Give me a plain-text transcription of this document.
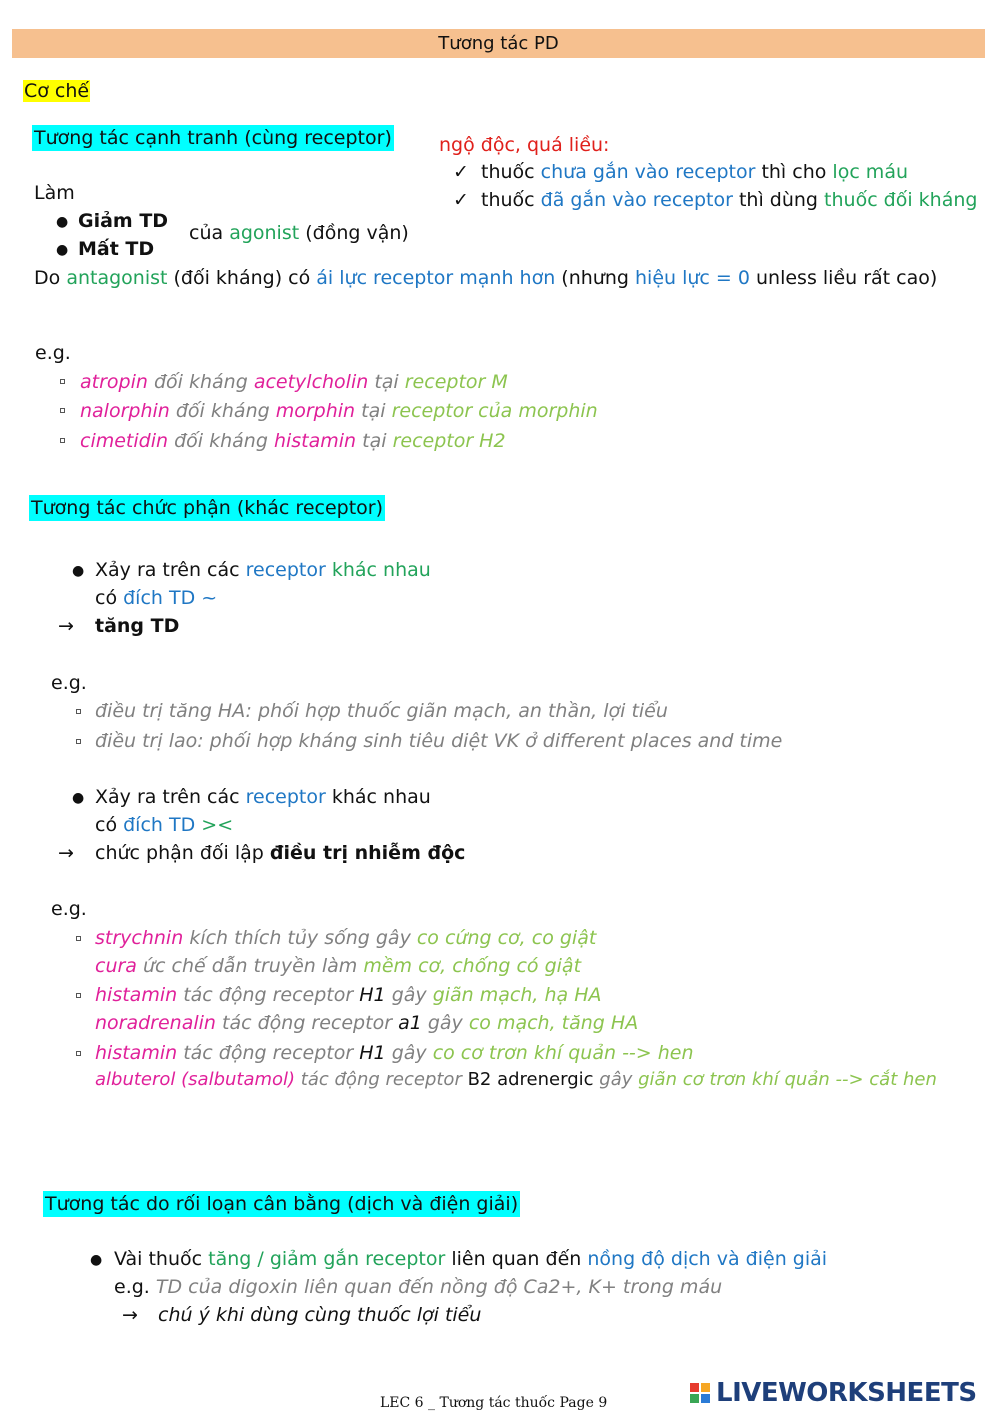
Tương tác PD
Cơ chế
Tương tác cạnh tranh (cùng receptor) ngộ độc, quá liều:
✓ thuốc chưa gắn vào receptor thì cho lọc máu
✓ thuốc đã gắn vào receptor thì dùng thuốc đối kháng
Làm
● Giảm TD
● Mất TD
của agonist (đồng vận)
Do antagonist (đối kháng) có ái lực receptor mạnh hơn (nhưng hiệu lực = 0 unless liều rất cao)
e.g.
atropin đối kháng acetylcholin tại receptor M
nalorphin đối kháng morphin tại receptor của morphin
cimetidin đối kháng histamin tại receptor H2
Tương tác chức phận (khác receptor)
● Xảy ra trên các receptor khác nhau
có đích TD ~
→ tăng TD
e.g.
điều trị tăng HA: phối hợp thuốc giãn mạch, an thần, lợi tiểu
điều trị lao: phối hợp kháng sinh tiêu diệt VK ở different places and time
● Xảy ra trên các receptor khác nhau
có đích TD ><
→ chức phận đối lập điều trị nhiễm độc
e.g.
strychnin kích thích tủy sống gây co cứng cơ, co giật
cura ức chế dẫn truyền làm mềm cơ, chống có giật
histamin tác động receptor H1 gây giãn mạch, hạ HA
noradrenalin tác động receptor a1 gây co mạch, tăng HA
histamin tác động receptor H1 gây co cơ trơn khí quản --> hen
albuterol (salbutamol) tác động receptor B2 adrenergic gây giãn cơ trơn khí quản --> cắt hen
Tương tác do rối loạn cân bằng (dịch và điện giải)
● Vài thuốc tăng / giảm gắn receptor liên quan đến nồng độ dịch và điện giải
e.g. TD của digoxin liên quan đến nồng độ Ca2+, K+ trong máu
→ chú ý khi dùng cùng thuốc lợi tiểu
LEC 6 _ Tương tác thuốc Page 9	LIVEWORKSHEETS
